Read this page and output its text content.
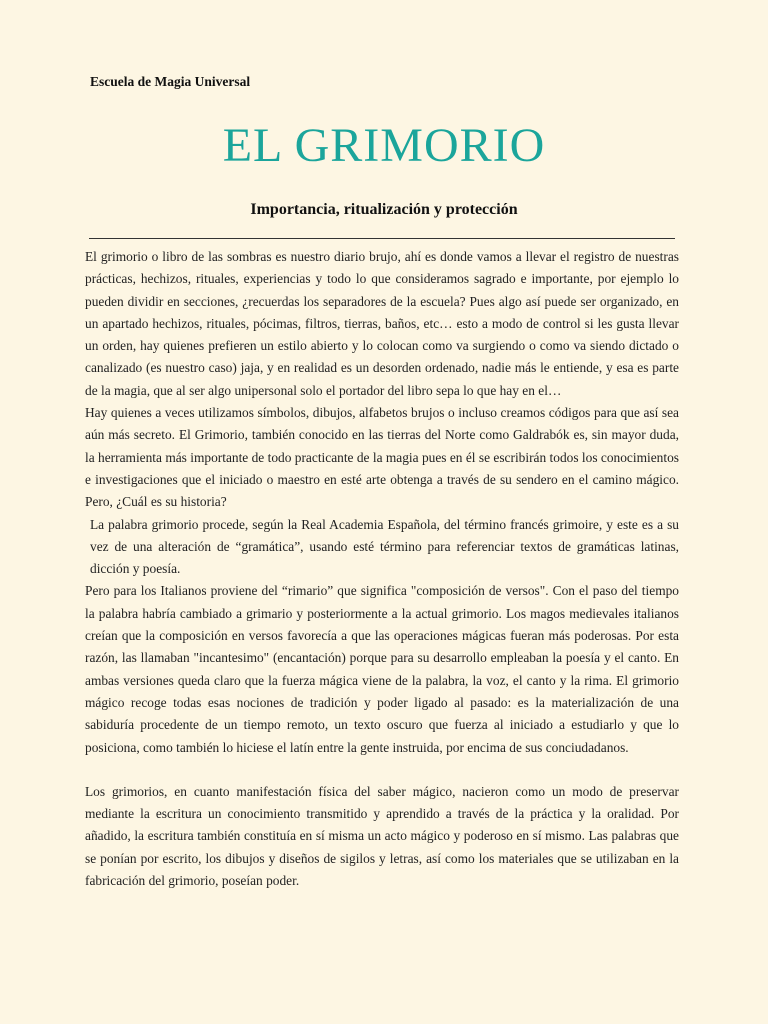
Escuela de Magia Universal
EL GRIMORIO
Importancia, ritualización y protección

El grimorio o libro de las sombras es nuestro diario brujo, ahí es donde vamos a llevar el registro de nuestras prácticas, hechizos, rituales, experiencias y todo lo que consideramos sagrado e importante, por ejemplo lo pueden dividir en secciones, ¿recuerdas los separadores de la escuela? Pues algo así puede ser organizado, en un apartado hechizos, rituales, pócimas, filtros, tierras, baños, etc… esto a modo de control si les gusta llevar un orden, hay quienes prefieren un estilo abierto y lo colocan como va surgiendo o como va siendo dictado o canalizado (es nuestro caso) jaja, y en realidad es un desorden ordenado, nadie más le entiende, y esa es parte de la magia, que al ser algo unipersonal solo el portador del libro sepa lo que hay en el…

Hay quienes a veces utilizamos símbolos, dibujos, alfabetos brujos o incluso creamos códigos para que así sea aún más secreto. El Grimorio, también conocido en las tierras del Norte como Galdrabók es, sin mayor duda, la herramienta más importante de todo practicante de la magia pues en él se escribirán todos los conocimientos e investigaciones que el iniciado o maestro en esté arte obtenga a través de su sendero en el camino mágico. Pero, ¿Cuál es su historia?

La palabra grimorio procede, según la Real Academia Española, del término francés grimoire, y este es a su vez de una alteración de “gramática”, usando esté término para referenciar textos de gramáticas latinas, dicción y poesía.

Pero para los Italianos proviene del “rimario” que significa "composición de versos". Con el paso del tiempo la palabra habría cambiado a grimario y posteriormente a la actual grimorio. Los magos medievales italianos creían que la composición en versos favorecía a que las operaciones mágicas fueran más poderosas. Por esta razón, las llamaban "incantesimo" (encantación) porque para su desarrollo empleaban la poesía y el canto. En ambas versiones queda claro que la fuerza mágica viene de la palabra, la voz, el canto y la rima. El grimorio mágico recoge todas esas nociones de tradición y poder ligado al pasado: es la materialización de una sabiduría procedente de un tiempo remoto, un texto oscuro que fuerza al iniciado a estudiarlo y que lo posiciona, como también lo hiciese el latín entre la gente instruida, por encima de sus conciudadanos.

Los grimorios, en cuanto manifestación física del saber mágico, nacieron como un modo de preservar mediante la escritura un conocimiento transmitido y aprendido a través de la práctica y la oralidad. Por añadido, la escritura también constituía en sí misma un acto mágico y poderoso en sí mismo. Las palabras que se ponían por escrito, los dibujos y diseños de sigilos y letras, así como los materiales que se utilizaban en la fabricación del grimorio, poseían poder.
